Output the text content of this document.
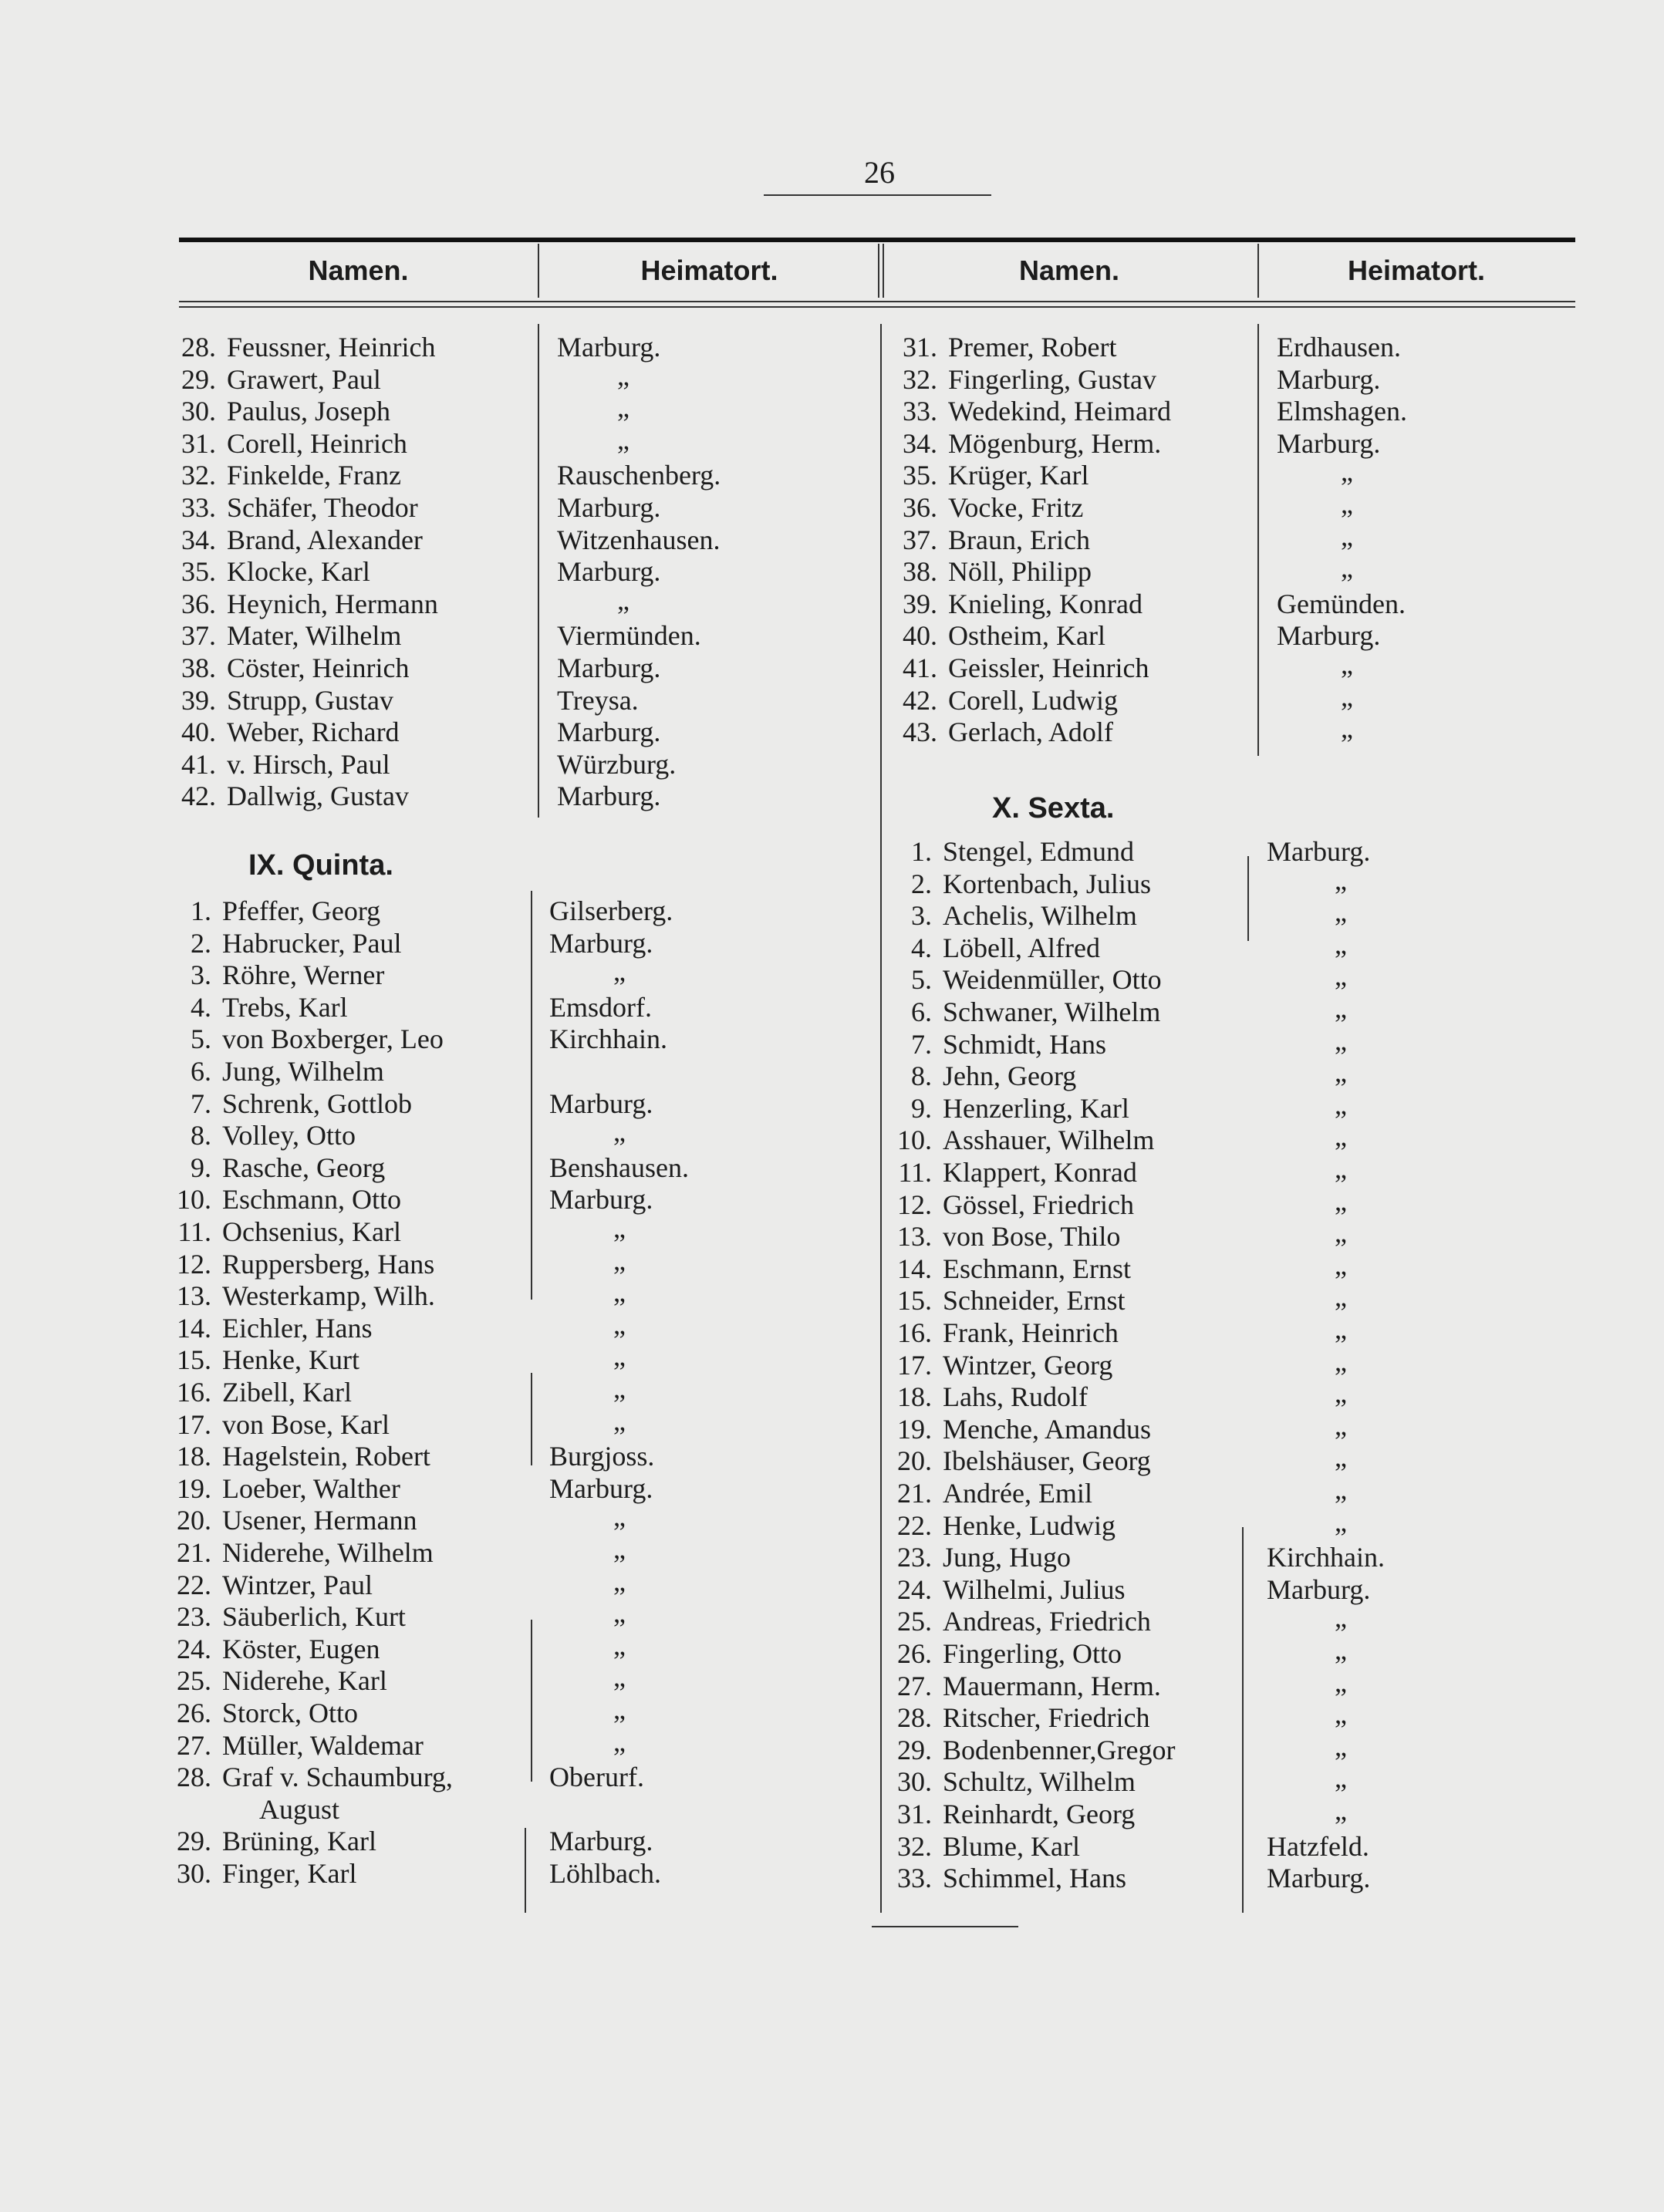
26
Namen.	Heimatort.	Namen.	Heimatort.
28. Feussner, Heinrich	Marburg.
29. Grawert, Paul	„
30. Paulus, Joseph	„
31. Corell, Heinrich	„
32. Finkelde, Franz	Rauschenberg.
33. Schäfer, Theodor	Marburg.
34. Brand, Alexander	Witzenhausen.
35. Klocke, Karl	Marburg.
36. Heynich, Hermann	„
37. Mater, Wilhelm	Viermünden.
38. Cöster, Heinrich	Marburg.
39. Strupp, Gustav	Treysa.
40. Weber, Richard	Marburg.
41. v. Hirsch, Paul	Würzburg.
42. Dallwig, Gustav	Marburg.
1. Pfeffer, Georg	Gilserberg.
2. Habrucker, Paul	Marburg.
3. Röhre, Werner	„
4. Trebs, Karl	Emsdorf.
5. von Boxberger, Leo	Kirchhain.
6. Jung, Wilhelm
7. Schrenk, Gottlob	Marburg.
8. Volley, Otto	„
9. Rasche, Georg	Benshausen.
10. Eschmann, Otto	Marburg.
11. Ochsenius, Karl	„
12. Ruppersberg, Hans	„
13. Westerkamp, Wilh.	„
14. Eichler, Hans	„
15. Henke, Kurt	„
16. Zibell, Karl	„
17. von Bose, Karl	„
18. Hagelstein, Robert	Burgjoss.
19. Loeber, Walther	Marburg.
20. Usener, Hermann	„
21. Niderehe, Wilhelm	„
22. Wintzer, Paul	„
23. Säuberlich, Kurt	„
24. Köster, Eugen	„
25. Niderehe, Karl	„
26. Storck, Otto	„
27. Müller, Waldemar	„
28. Graf v. Schaumburg,	Oberurf.
August
29. Brüning, Karl	Marburg.
30. Finger, Karl	Löhlbach.
31. Premer, Robert	Erdhausen.
32. Fingerling, Gustav	Marburg.
33. Wedekind, Heimard	Elmshagen.
34. Mögenburg, Herm.	Marburg.
35. Krüger, Karl	„
36. Vocke, Fritz	„
37. Braun, Erich	„
38. Nöll, Philipp	„
39. Knieling, Konrad	Gemünden.
40. Ostheim, Karl	Marburg.
41. Geissler, Heinrich	„
42. Corell, Ludwig	„
43. Gerlach, Adolf	„
1. Stengel, Edmund	Marburg.
2. Kortenbach, Julius	„
3. Achelis, Wilhelm	„
4. Löbell, Alfred	„
5. Weidenmüller, Otto	„
6. Schwaner, Wilhelm	„
7. Schmidt, Hans	„
8. Jehn, Georg	„
9. Henzerling, Karl	„
10. Asshauer, Wilhelm	„
11. Klappert, Konrad	„
12. Gössel, Friedrich	„
13. von Bose, Thilo	„
14. Eschmann, Ernst	„
15. Schneider, Ernst	„
16. Frank, Heinrich	„
17. Wintzer, Georg	„
18. Lahs, Rudolf	„
19. Menche, Amandus	„
20. Ibelshäuser, Georg	„
21. Andrée, Emil	„
22. Henke, Ludwig	„
23. Jung, Hugo	Kirchhain.
24. Wilhelmi, Julius	Marburg.
25. Andreas, Friedrich	„
26. Fingerling, Otto	„
27. Mauermann, Herm.	„
28. Ritscher, Friedrich	„
29. Bodenbenner,Gregor	„
30. Schultz, Wilhelm	„
31. Reinhardt, Georg	„
32. Blume, Karl	Hatzfeld.
33. Schimmel, Hans	Marburg.
IX. Quinta.
X. Sexta.
